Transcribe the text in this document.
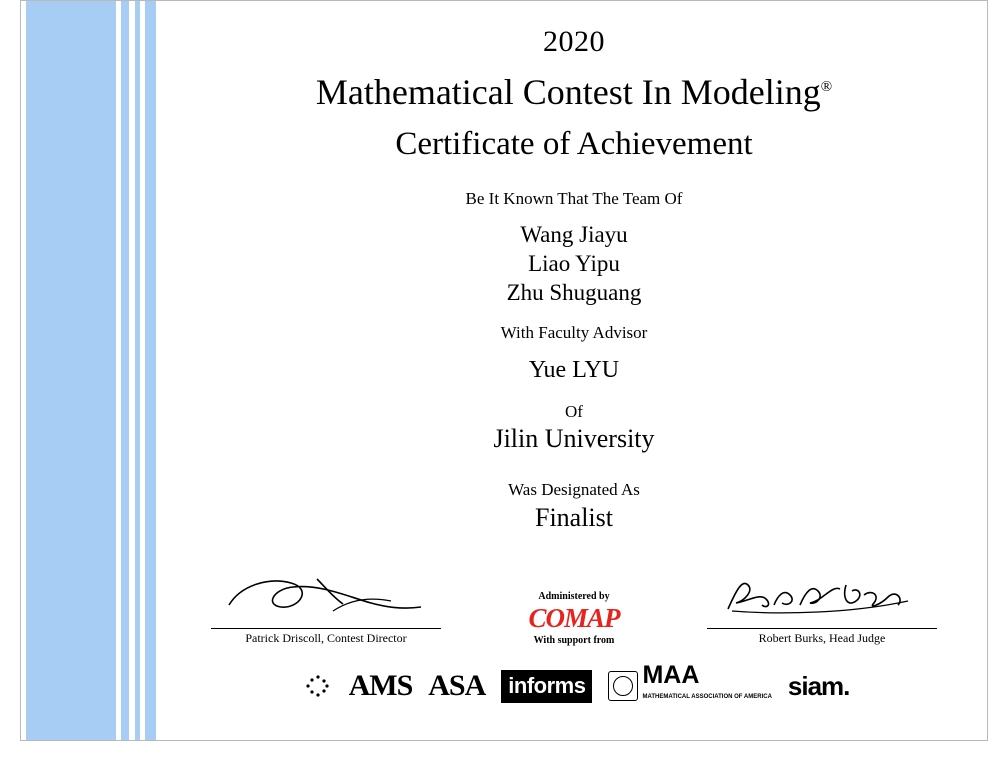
2020
Mathematical Contest In Modeling®
Certificate of Achievement
Be It Known That The Team Of
Wang Jiayu
Liao Yipu
Zhu Shuguang
With Faculty Advisor
Yue LYU
Of
Jilin University
Was Designated As
Finalist
Patrick Driscoll, Contest Director
Administered by
COMAP
With support from	Robert Burks, Head Judge
AMS ASA	informs MAA
MATHEMATICAL ASSOCIATION OF AMERICA siam.
